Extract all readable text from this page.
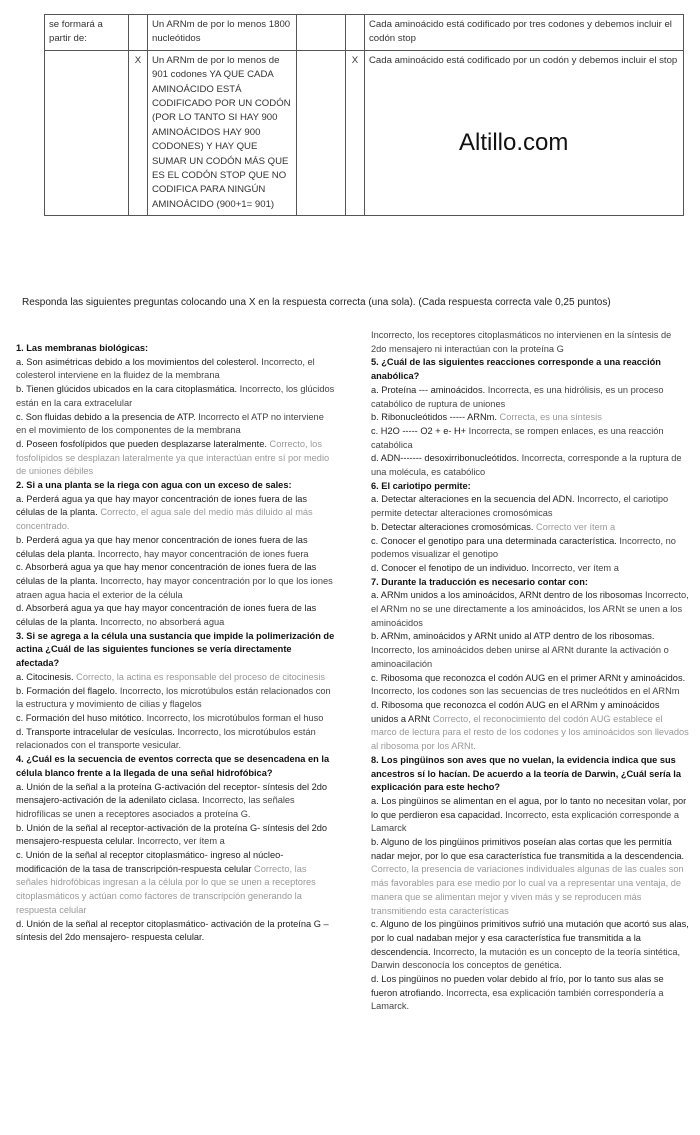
se formará a partir de:		Un ARNm de por lo menos 1800 nucleótidos			Cada aminoácido está codificado por tres codones y debemos incluir el codón stop
	X	Un ARNm de por lo menos de 901 codones YA QUE CADA AMINOÁCIDO ESTÁ CODIFICADO POR UN CODÓN (POR LO TANTO SI HAY 900 AMINOÁCIDOS HAY 900 CODONES) Y HAY QUE SUMAR UN CODÓN MÁS QUE ES EL CODÓN STOP QUE NO CODIFICA PARA NINGÚN AMINOÁCIDO (900+1= 901)		X	Cada aminoácido está codificado por un codón y debemos incluir el stop
Altillo.com
Responda las siguientes preguntas colocando una X en la respuesta correcta (una sola). (Cada respuesta correcta vale 0,25 puntos)

1. Las membranas biológicas:

a. Son asimétricas debido a los movimientos del colesterol. Incorrecto, el colesterol interviene en la fluidez de la membrana

b. Tienen glúcidos ubicados en la cara citoplasmática. Incorrecto, los glúcidos están en la cara extracelular

c. Son fluidas debido a la presencia de ATP. Incorrecto el ATP no interviene en el movimiento de los componentes de la membrana

d. Poseen fosfolípidos que pueden desplazarse lateralmente. Correcto, los fosfolípidos se desplazan lateralmente ya que interactúan entre sí por medio de uniones débiles

2. Si a una planta se la riega con agua con un exceso de sales:

a. Perderá agua ya que hay mayor concentración de iones fuera de las células de la planta. Correcto, el agua sale del medio más diluido al más concentrado.

b. Perderá agua ya que hay menor concentración de iones fuera de las células dela planta. Incorrecto, hay mayor concentración de iones fuera

c. Absorberá agua ya que hay menor concentración de iones fuera de las células de la planta. Incorrecto, hay mayor concentración por lo que los iones atraen agua hacia el exterior de la célula

d. Absorberá agua ya que hay mayor concentración de iones fuera de las células de la planta. Incorrecto, no absorberá agua

3. Si se agrega a la célula una sustancia que impide la polimerización de actina ¿Cuál de las siguientes funciones se vería directamente afectada?

a. Citocinesis. Correcto, la actina es responsable del proceso de citocinesis

b. Formación del flagelo. Incorrecto, los microtúbulos están relacionados con la estructura y movimiento de cilias y flagelos

c. Formación del huso mitótico. Incorrecto, los microtúbulos forman el huso

d. Transporte intracelular de vesículas. Incorrecto, los microtúbulos están relacionados con el transporte vesicular.

4. ¿Cuál es la secuencia de eventos correcta que se desencadena en la célula blanco frente a la llegada de una señal hidrofóbica?

a. Unión de la señal a la proteína G-activación del receptor- síntesis del 2do mensajero-activación de la adenilato ciclasa. Incorrecto, las señales hidrofílicas se unen a receptores asociados a proteína G.

b. Unión de la señal al receptor-activación de la proteína G- síntesis del 2do mensajero-respuesta celular. Incorrecto, ver ítem a

c. Unión de la señal al receptor citoplasmático- ingreso al núcleo- modificación de la tasa de transcripción-respuesta celular Correcto, las señales hidrofóbicas ingresan a la célula por lo que se unen a receptores citoplasmáticos y actúan como factores de transcripción generando la respuesta celular

d. Unión de la señal al receptor citoplasmático- activación de la proteína G – síntesis del 2do mensajero- respuesta celular.

Incorrecto, los receptores citoplasmáticos no intervienen en la síntesis de 2do mensajero ni interactúan con la proteína G

5. ¿Cuál de las siguientes reacciones corresponde a una reacción anabólica?

a. Proteína --- aminoácidos. Incorrecta, es una hidrólisis, es un proceso catabólico de ruptura de uniones

b. Ribonucleótidos ----- ARNm. Correcta, es una síntesis

c. H2O ----- O2 + e- H+ Incorrecta, se rompen enlaces, es una reacción catabólica

d. ADN------- desoxirribonucleótidos. Incorrecta, corresponde a la ruptura de una molécula, es catabólico

6. El cariotipo permite:

a. Detectar alteraciones en la secuencia del ADN. Incorrecto, el cariotipo permite detectar alteraciones cromosómicas

b. Detectar alteraciones cromosómicas. Correcto ver ítem a

c. Conocer el genotipo para una determinada característica. Incorrecto, no podemos visualizar el genotipo

d. Conocer el fenotipo de un individuo. Incorrecto, ver ítem a

7. Durante la traducción es necesario contar con:

a. ARNm unidos a los aminoácidos, ARNt dentro de los ribosomas Incorrecto, el ARNm no se une directamente a los aminoácidos, los ARNt se unen a los aminoácidos

b. ARNm, aminoácidos y ARNt unido al ATP dentro de los ribosomas. Incorrecto, los aminoácidos deben unirse al ARNt durante la activación o aminoacilación

c. Ribosoma que reconozca el codón AUG en el primer ARNt y aminoácidos. Incorrecto, los codones son las secuencias de tres nucleótidos en el ARNm

d. Ribosoma que reconozca el codón AUG en el ARNm y aminoácidos unidos a ARNt Correcto, el reconocimiento del codón AUG establece el marco de lectura para el resto de los codones y los aminoácidos son llevados al ribosoma por los ARNt.

8. Los pingüinos son aves que no vuelan, la evidencia indica que sus ancestros sí lo hacían. De acuerdo a la teoría de Darwin, ¿Cuál sería la explicación para este hecho?

a. Los pingüinos se alimentan en el agua, por lo tanto no necesitan volar, por lo que perdieron esa capacidad. Incorrecto, esta explicación corresponde a Lamarck

b. Alguno de los pingüinos primitivos poseían alas cortas que les permitía nadar mejor, por lo que esa característica fue transmitida a la descendencia. Correcto, la presencia de variaciones individuales algunas de las cuales son más favorables para ese medio por lo cual va a representar una ventaja, de manera que se alimentan mejor y viven más y se reproducen más transmitiendo esta características

c. Alguno de los pingüinos primitivos sufrió una mutación que acortó sus alas, por lo cual nadaban mejor y esa característica fue transmitida a la descendencia. Incorrecto, la mutación es un concepto de la teoría sintética, Darwin desconocía los conceptos de genética.

d. Los pingüinos no pueden volar debido al frío, por lo tanto sus alas se fueron atrofiando. Incorrecta, esa explicación también correspondería a Lamarck.
